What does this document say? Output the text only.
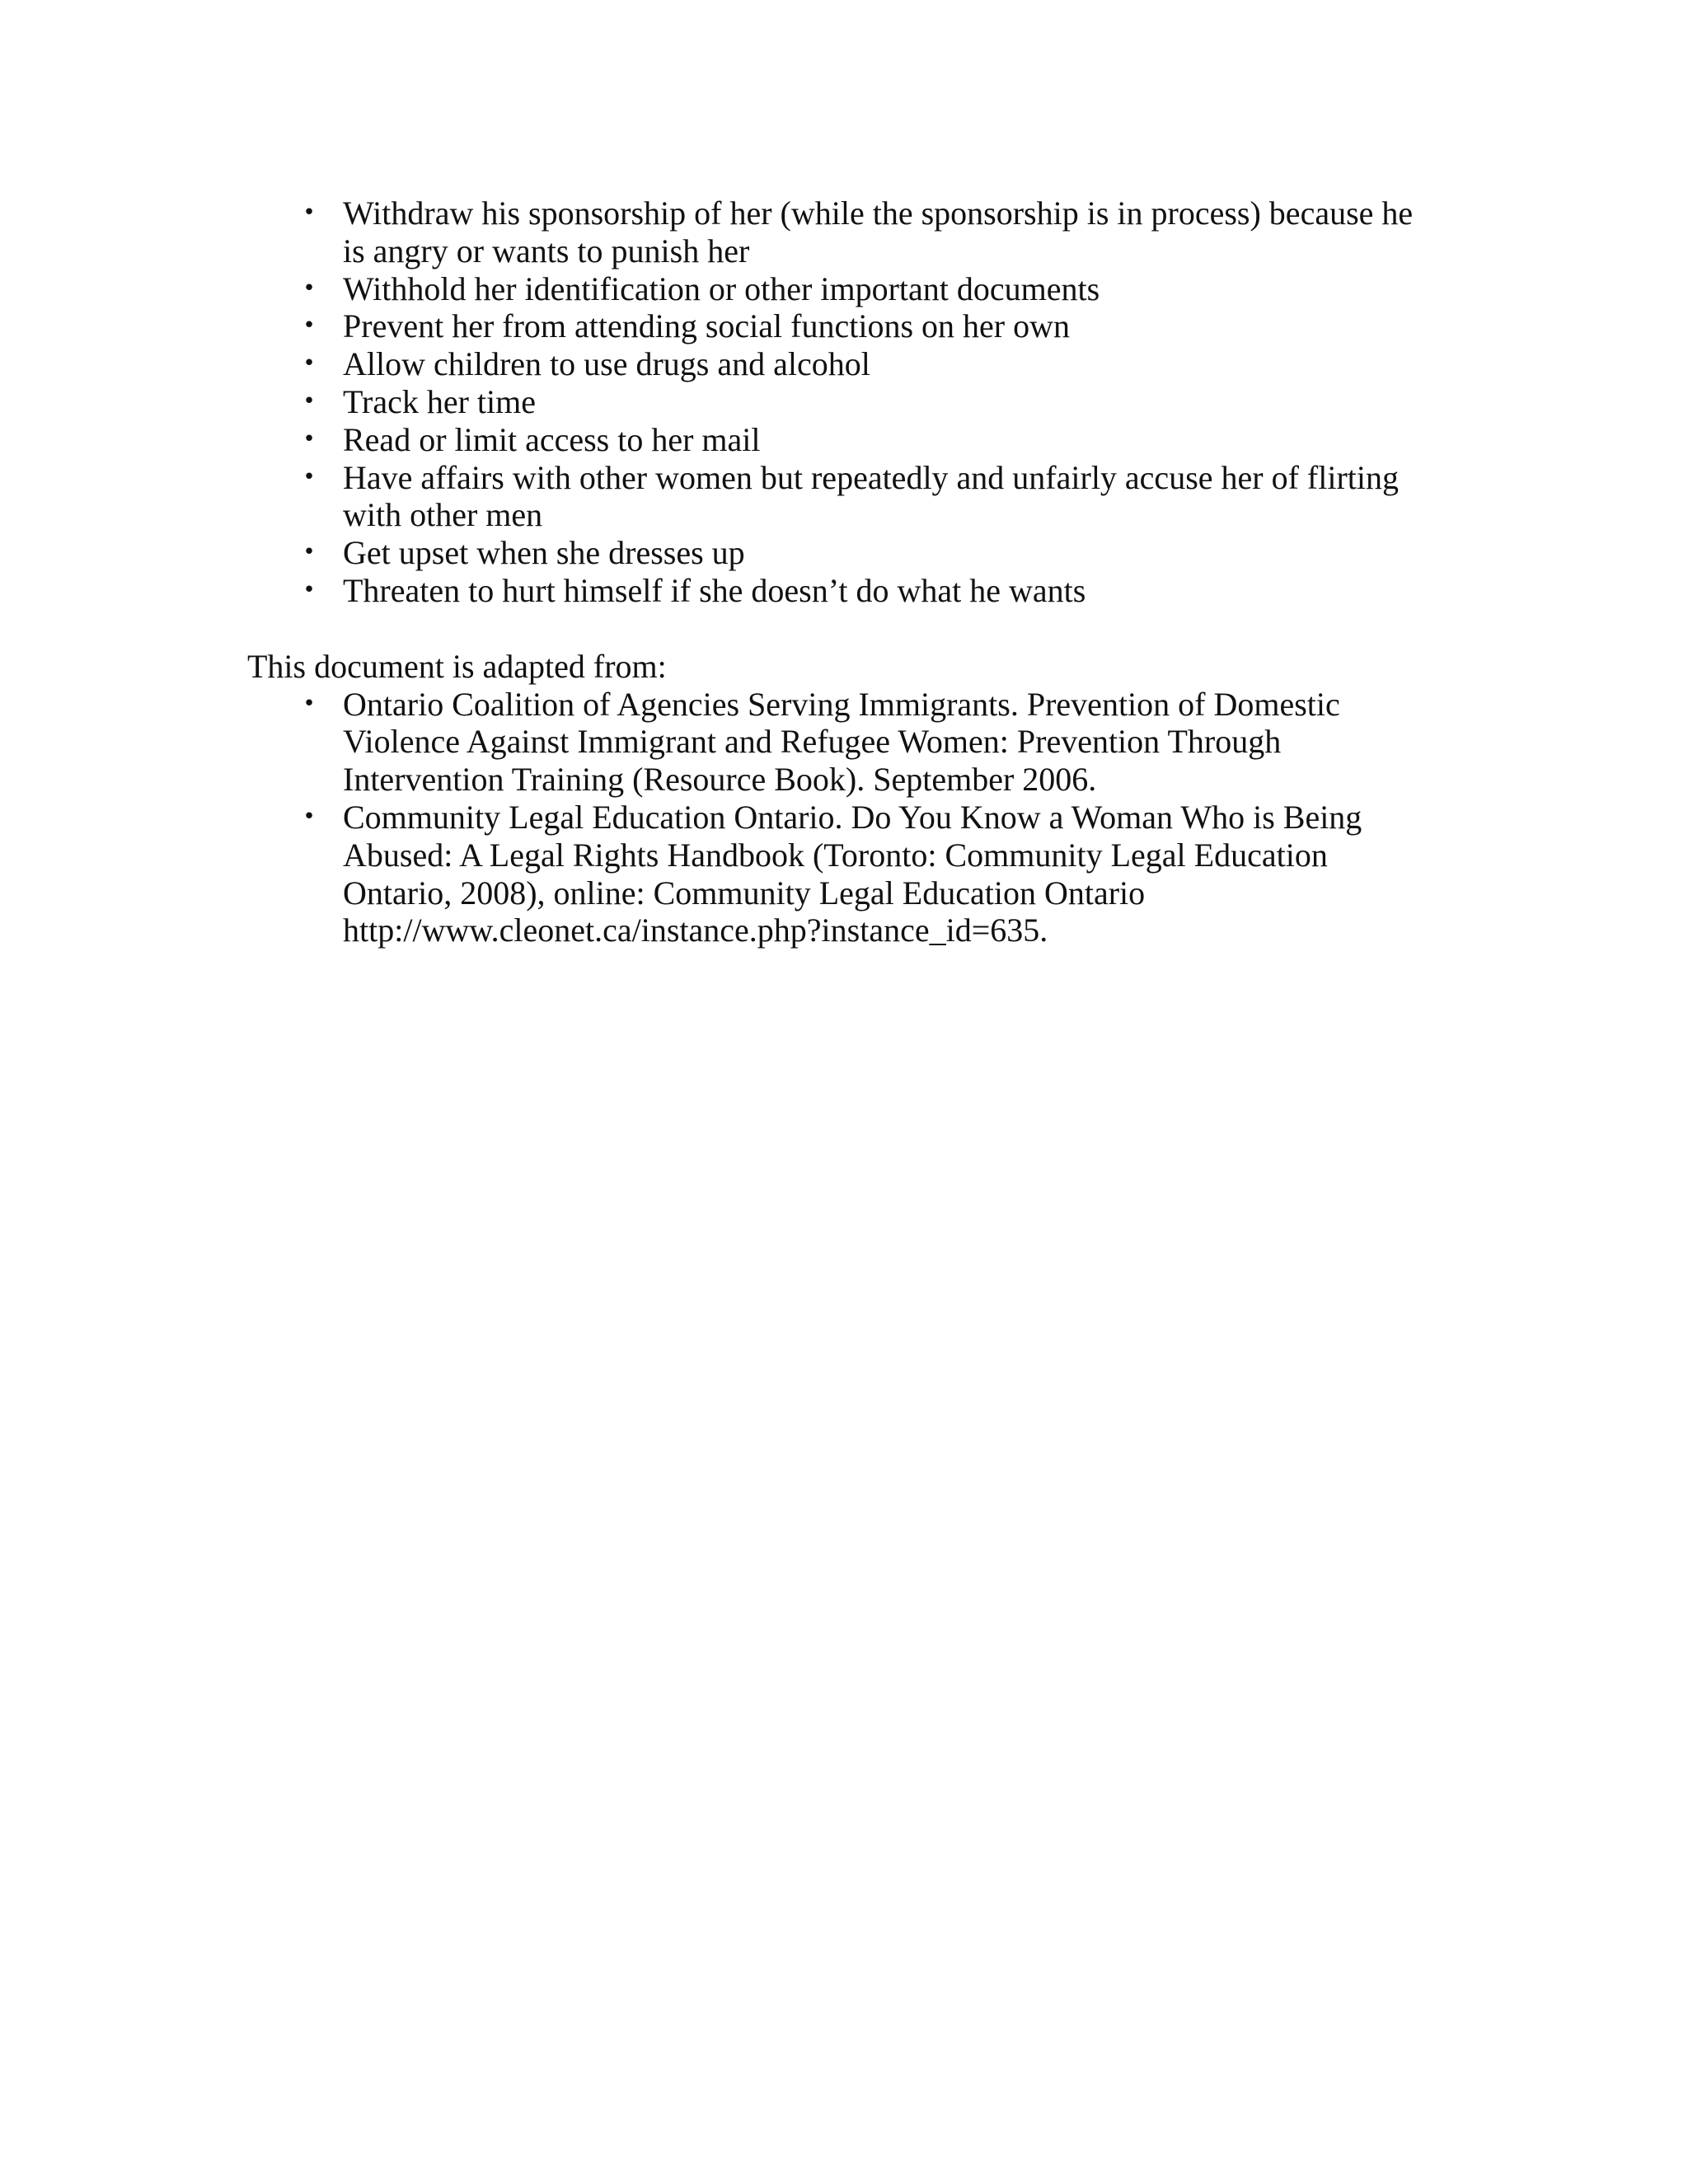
• Withdraw his sponsorship of her (while the sponsorship is in process) because he is angry or wants to punish her
• Withhold her identification or other important documents
• Prevent her from attending social functions on her own
• Allow children to use drugs and alcohol
• Track her time
• Read or limit access to her mail
• Have affairs with other women but repeatedly and unfairly accuse her of flirting with other men
• Get upset when she dresses up
• Threaten to hurt himself if she doesn’t do what he wants

This document is adapted from:

• Ontario Coalition of Agencies Serving Immigrants. Prevention of Domestic Violence Against Immigrant and Refugee Women: Prevention Through Intervention Training (Resource Book). September 2006.
• Community Legal Education Ontario. Do You Know a Woman Who is Being Abused: A Legal Rights Handbook (Toronto: Community Legal Education Ontario, 2008), online: Community Legal Education Ontario http://www.cleonet.ca/instance.php?instance_id=635.
